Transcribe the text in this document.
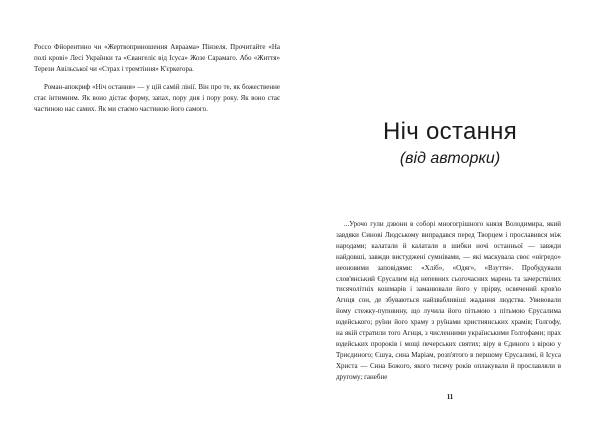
Россо Фйорентино чи «Жертвоприношення Авраама» Пінзеля. Прочитайте «На полі крові» Лесі Українки та «Євангеліє від Ісуса» Жозе Сарамаго. Або «Життя» Терези Авільської чи «Страх і тремтіння» К'єркегора.

Роман-апокриф «Ніч остання» — у цій самій лінії. Він про те, як божественне стає інтимним. Як воно дістає форму, запах, пору дня і пору року. Як воно стає частиною нас самих. Як ми стаємо частиною його самого.

Ніч остання
(від авторки)

...Урочо гули дзвони в соборі многогрішного князя Володимира, який завдяки Синові Людському випрадався перед Творцем і прославився між народами; калатали й калатали в шибки ночі останньої — завжди найдовші, завжди вистуджені сумнівами, — які маскувала своє «нігредо» неоновими заповідями: «Хліб», «Одяг», «Взуття». Пробудували слов'янський Єрусалим від непевних сьогочасних марень та зачерствілих тисячолітніх кошмарів і заманювали його у прірву, освячений кров'ю Агнця сон, де збуваються найзвабливіші жадання людства. Увивовали йому стежку-пуповину, що лучила його пітьмою з пітьмою Єрусалима юдейського; руїни його храму з руїнами християнських храмів; Голгофу, на якій стратили того Агнця, з численними українськими Голгофами; прах юдейських пророків і мощі печерських святих; віру в Єдиного з вірою у Триєдиного; Єшуа, сина Маріам, розп'ятого в першому Єрусалимі, й Ісуса Христа — Сина Божого, якого тисячу років оплакували й прославляли в другому; ганебне

11
